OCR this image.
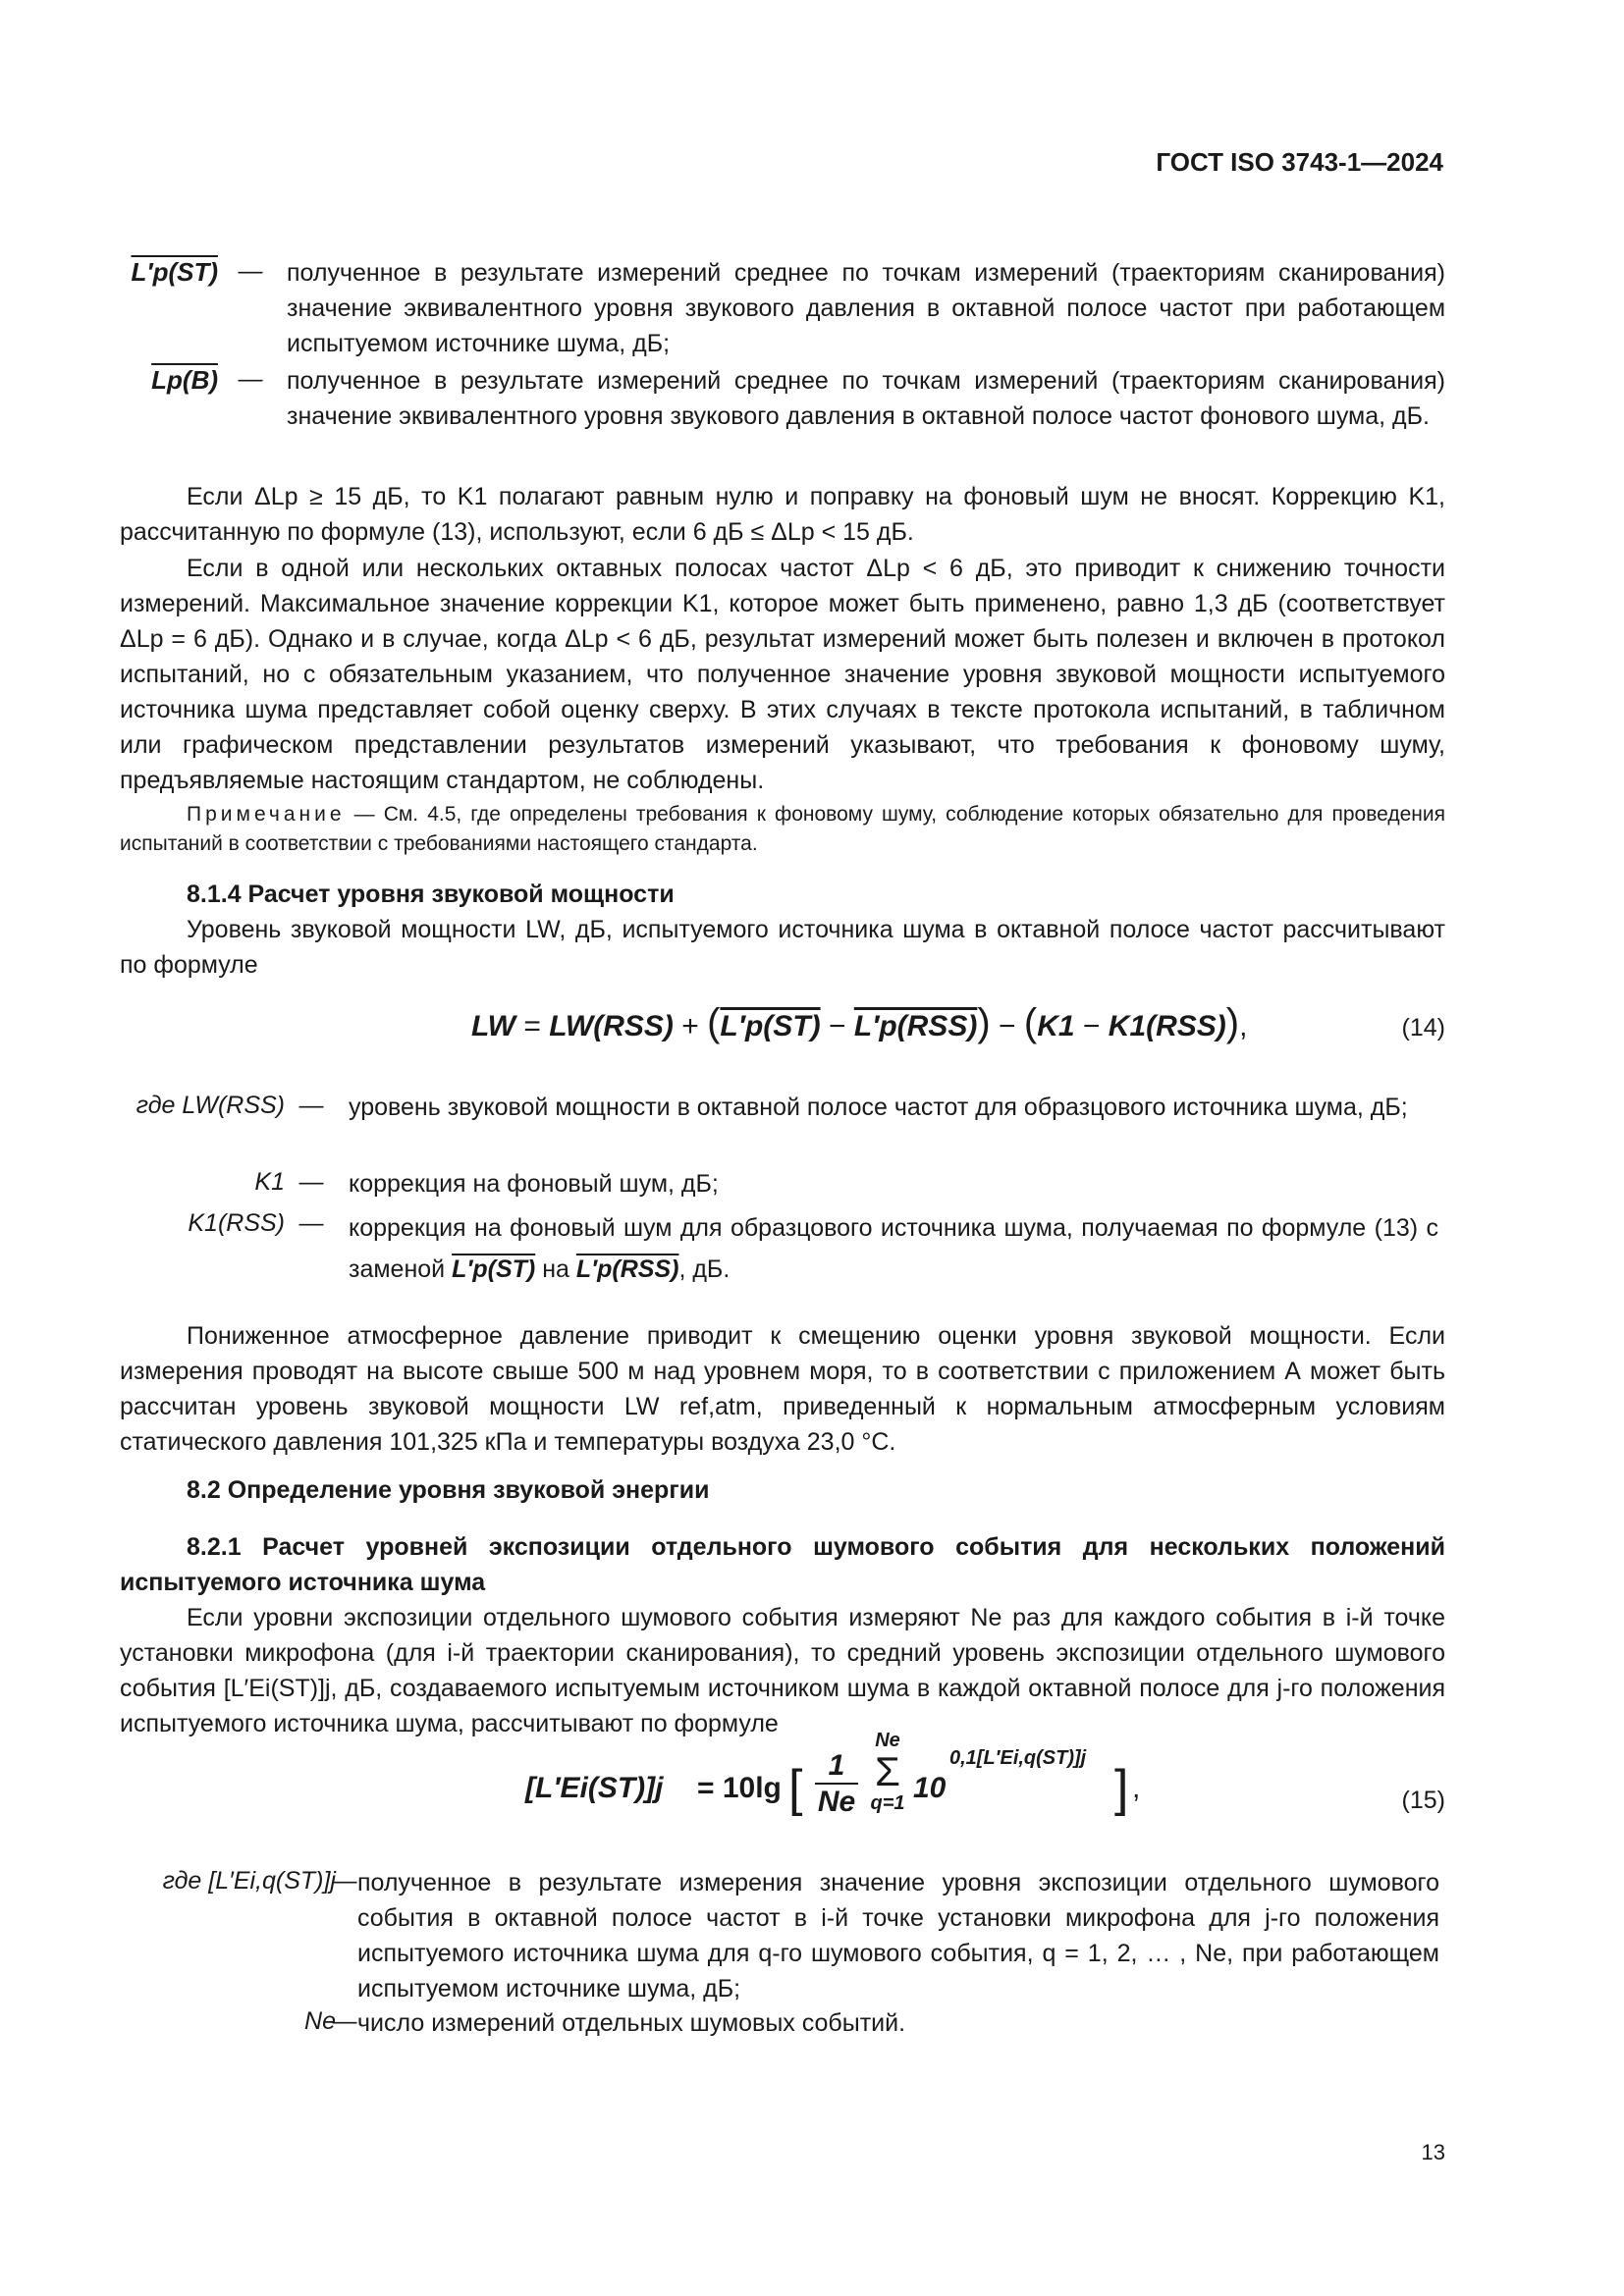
ГОСТ ISO 3743-1—2024
L′p(ST) — полученное в результате измерений среднее по точкам измерений (траекториям сканирования) значение эквивалентного уровня звукового давления в октавной полосе частот при работающем испытуемом источнике шума, дБ;
Lp(B) — полученное в результате измерений среднее по точкам измерений (траекториям сканирования) значение эквивалентного уровня звукового давления в октавной полосе частот фонового шума, дБ.
Если ΔLp ≥ 15 дБ, то K1 полагают равным нулю и поправку на фоновый шум не вносят. Коррекцию K1, рассчитанную по формуле (13), используют, если 6 дБ ≤ ΔLp < 15 дБ.
Если в одной или нескольких октавных полосах частот ΔLp < 6 дБ, это приводит к снижению точности измерений. Максимальное значение коррекции K1, которое может быть применено, равно 1,3 дБ (соответствует ΔLp = 6 дБ). Однако и в случае, когда ΔLp < 6 дБ, результат измерений может быть полезен и включен в протокол испытаний, но с обязательным указанием, что полученное значение уровня звуковой мощности испытуемого источника шума представляет собой оценку сверху. В этих случаях в тексте протокола испытаний, в табличном или графическом представлении результатов измерений указывают, что требования к фоновому шуму, предъявляемые настоящим стандартом, не соблюдены.
Примечание — См. 4.5, где определены требования к фоновому шуму, соблюдение которых обязательно для проведения испытаний в соответствии с требованиями настоящего стандарта.
8.1.4 Расчет уровня звуковой мощности
Уровень звуковой мощности LW, дБ, испытуемого источника шума в октавной полосе частот рассчитывают по формуле
LW = LW(RSS) + (L′p(ST) − L′p(RSS)) − (K1 − K1(RSS)),	(14)
где LW(RSS) —	уровень звуковой мощности в октавной полосе частот для образцового источника шума, дБ;
K1 —	коррекция на фоновый шум, дБ;
K1(RSS) —	коррекция на фоновый шум для образцового источника шума, получаемая по формуле (13) с заменой L′p(ST) на L′p(RSS), дБ.
Пониженное атмосферное давление приводит к смещению оценки уровня звуковой мощности. Если измерения проводят на высоте свыше 500 м над уровнем моря, то в соответствии с приложением А может быть рассчитан уровень звуковой мощности LW ref,atm, приведенный к нормальным атмосферным условиям статического давления 101,325 кПа и температуры воздуха 23,0 °С.
8.2 Определение уровня звуковой энергии
8.2.1 Расчет уровней экспозиции отдельного шумового события для нескольких положений испытуемого источника шума
Если уровни экспозиции отдельного шумового события измеряют Ne раз для каждого события в i-й точке установки микрофона (для i-й траектории сканирования), то средний уровень экспозиции отдельного шумового события [L′Ei(ST)]j, дБ, создаваемого испытуемым источником шума в каждой октавной полосе для j-го положения испытуемого источника шума, рассчитывают по формуле
[L′Ei(ST)]j = 10lg [ $\frac{1}{Ne}$
Ne
Σ
q=1 10
0,1[L′Ei,q(ST)]j
] ,	(15)
где [L′Ei,q(ST)]j
— полученное в результате измерения значение уровня экспозиции отдельного шумового события в октавной полосе частот в i-й точке установки микрофона для j-го положения испытуемого источника шума для q-го шумового события, q = 1, 2, … , Ne, при работающем испытуемом источнике шума, дБ;
Ne
— число измерений отдельных шумовых событий.
13
